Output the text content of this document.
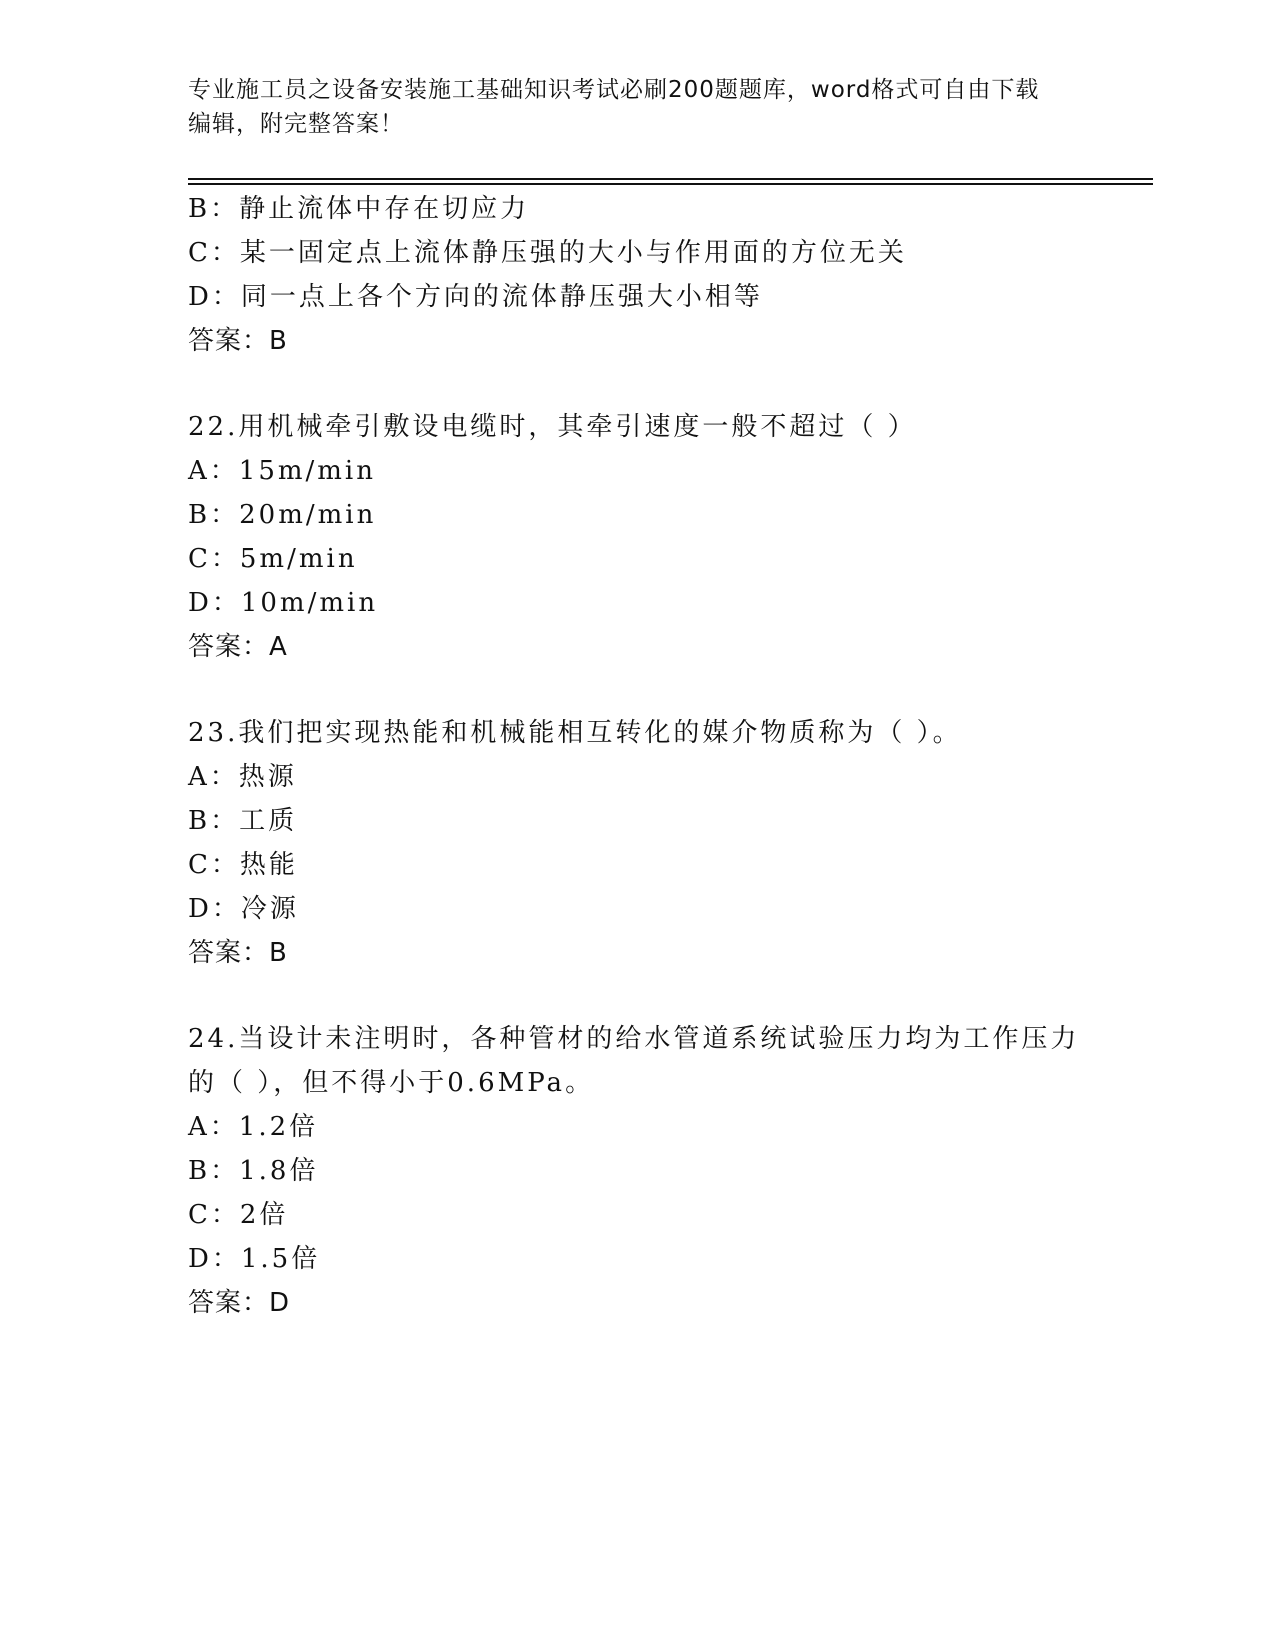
专业施工员之设备安装施工基础知识考试必刷200题题库，word格式可自由下载
编辑，附完整答案！
B：静止流体中存在切应力
C：某一固定点上流体静压强的大小与作用面的方位无关
D：同一点上各个方向的流体静压强大小相等
答案：B
22.用机械牵引敷设电缆时，其牵引速度一般不超过（ ）
A：15m/min
B：20m/min
C：5m/min
D：10m/min
答案：A
23.我们把实现热能和机械能相互转化的媒介物质称为（ ）。
A：热源
B：工质
C：热能
D：冷源
答案：B
24.当设计未注明时，各种管材的给水管道系统试验压力均为工作压力
的（ ），但不得小于0.6MPa。
A：1.2倍
B：1.8倍
C：2倍
D：1.5倍
答案：D
